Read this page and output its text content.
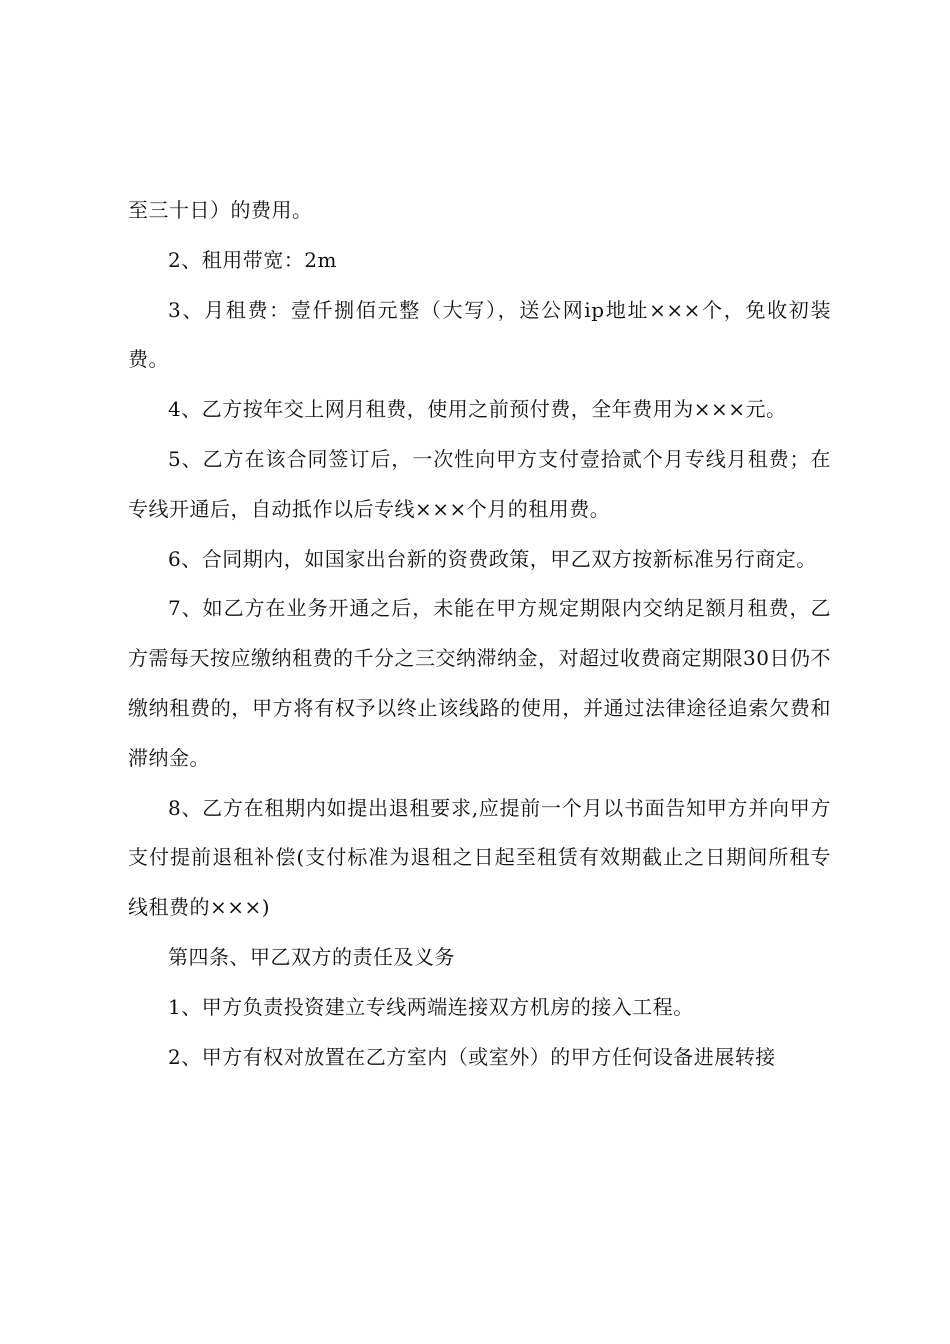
至三十日）的费用。

2、租用带宽：2m

3、月租费：壹仟捌佰元整（大写），送公网ip地址×××个，免收初装费。

4、乙方按年交上网月租费，使用之前预付费，全年费用为×××元。

5、乙方在该合同签订后，一次性向甲方支付壹拾贰个月专线月租费；在专线开通后，自动抵作以后专线×××个月的租用费。

6、合同期内，如国家出台新的资费政策，甲乙双方按新标准另行商定。

7、如乙方在业务开通之后，未能在甲方规定期限内交纳足额月租费，乙方需每天按应缴纳租费的千分之三交纳滞纳金，对超过收费商定期限30日仍不缴纳租费的，甲方将有权予以终止该线路的使用，并通过法律途径追索欠费和滞纳金。

8、乙方在租期内如提出退租要求,应提前一个月以书面告知甲方并向甲方支付提前退租补偿(支付标准为退租之日起至租赁有效期截止之日期间所租专线租费的×××)

第四条、甲乙双方的责任及义务

1、甲方负责投资建立专线两端连接双方机房的接入工程。

2、甲方有权对放置在乙方室内（或室外）的甲方任何设备进展转接
